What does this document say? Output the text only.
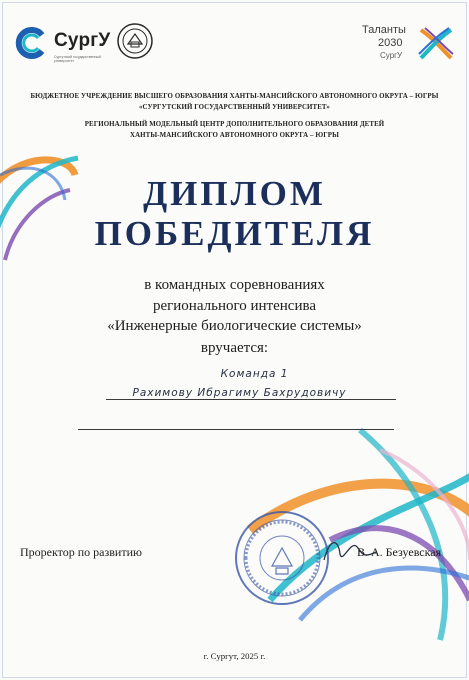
СургУ
Сургутский государственный университет
Таланты
2030
СургУ
БЮДЖЕТНОЕ УЧРЕЖДЕНИЕ ВЫСШЕГО ОБРАЗОВАНИЯ ХАНТЫ-МАНСИЙСКОГО АВТОНОМНОГО ОКРУГА – ЮГРЫ
«СУРГУТСКИЙ ГОСУДАРСТВЕННЫЙ УНИВЕРСИТЕТ»
РЕГИОНАЛЬНЫЙ МОДЕЛЬНЫЙ ЦЕНТР ДОПОЛНИТЕЛЬНОГО ОБРАЗОВАНИЯ ДЕТЕЙ
ХАНТЫ-МАНСИЙСКОГО АВТОНОМНОГО ОКРУГА – ЮГРЫ
ДИПЛОМ
ПОБЕДИТЕЛЯ
в командных соревнованиях
регионального интенсива
«Инженерные биологические системы»
вручается:
Команда 1
Рахимову Ибрагиму Бахрудовичу
Проректор по развитию	В. А. Безуевская
г. Сургут, 2025 г.
